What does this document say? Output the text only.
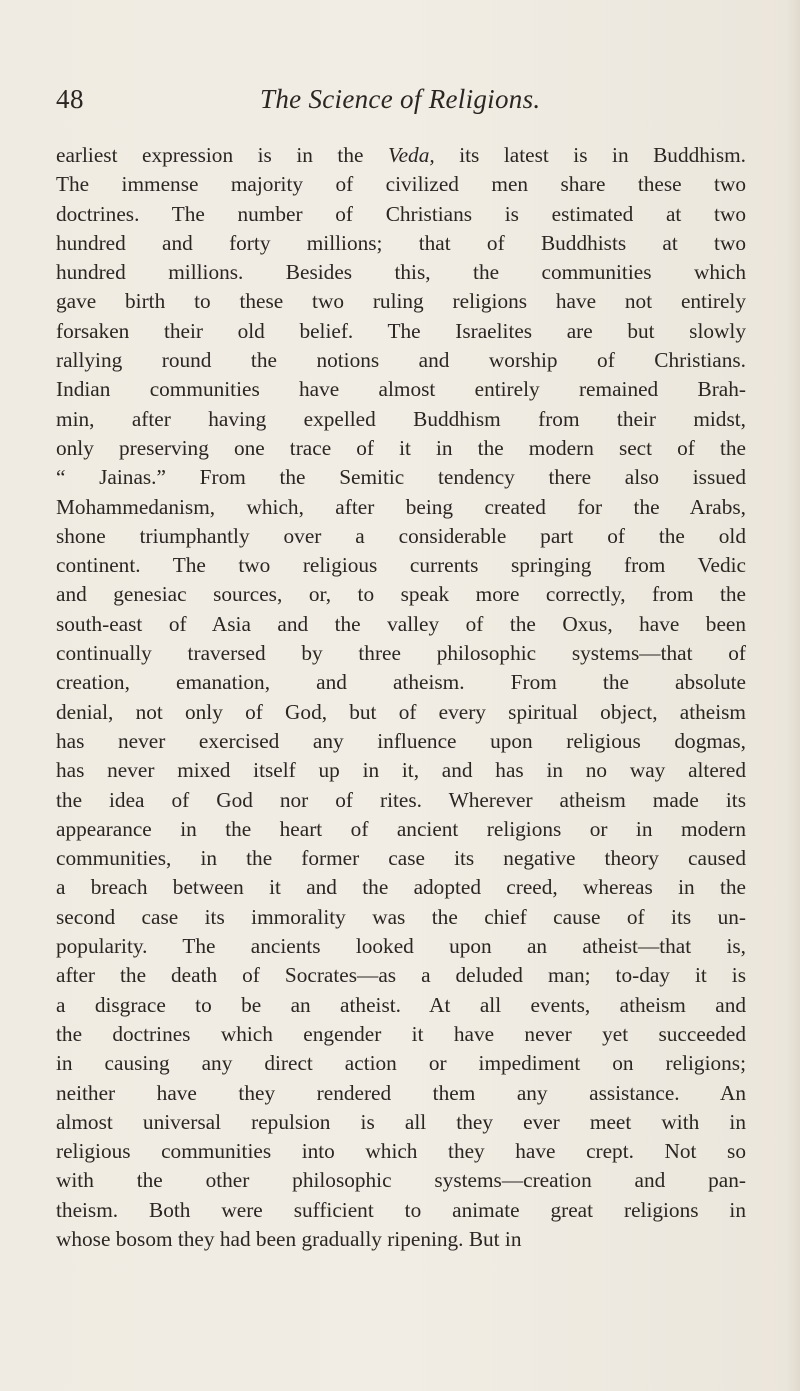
48	The Science of Religions.
earliest expression is in the Veda, its latest is in Buddhism.
The immense majority of civilized men share these two
doctrines. The number of Christians is estimated at two
hundred and forty millions; that of Buddhists at two
hundred millions. Besides this, the communities which
gave birth to these two ruling religions have not entirely
forsaken their old belief. The Israelites are but slowly
rallying round the notions and worship of Christians.
Indian communities have almost entirely remained Brah-
min, after having expelled Buddhism from their midst,
only preserving one trace of it in the modern sect of the
“ Jainas.” From the Semitic tendency there also issued
Mohammedanism, which, after being created for the Arabs,
shone triumphantly over a considerable part of the old
continent. The two religious currents springing from Vedic
and genesiac sources, or, to speak more correctly, from the
south-east of Asia and the valley of the Oxus, have been
continually traversed by three philosophic systems—that of
creation, emanation, and atheism. From the absolute
denial, not only of God, but of every spiritual object, atheism
has never exercised any influence upon religious dogmas,
has never mixed itself up in it, and has in no way altered
the idea of God nor of rites. Wherever atheism made its
appearance in the heart of ancient religions or in modern
communities, in the former case its negative theory caused
a breach between it and the adopted creed, whereas in the
second case its immorality was the chief cause of its un-
popularity. The ancients looked upon an atheist—that is,
after the death of Socrates—as a deluded man; to-day it is
a disgrace to be an atheist. At all events, atheism and
the doctrines which engender it have never yet succeeded
in causing any direct action or impediment on religions;
neither have they rendered them any assistance. An
almost universal repulsion is all they ever meet with in
religious communities into which they have crept. Not so
with the other philosophic systems—creation and pan-
theism. Both were sufficient to animate great religions in
whose bosom they had been gradually ripening. But in
